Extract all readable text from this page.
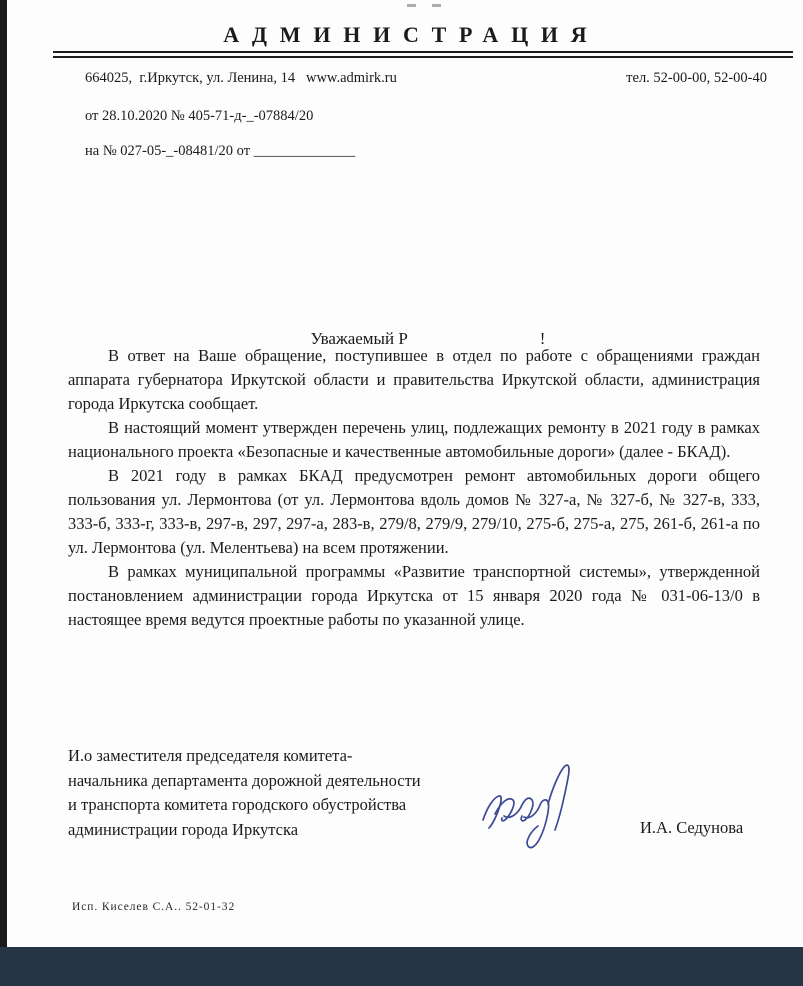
АДМИНИСТРАЦИЯ
664025,  г.Иркутск, ул. Ленина, 14   www.admirk.ru	тел. 52-00-00, 52-00-40
от 28.10.2020 № 405-71-д-_-07884/20
на № 027-05-_-08481/20 от ______________

Уважаемый Р	!

В ответ на Ваше обращение, поступившее в отдел по работе с обращениями граждан аппарата губернатора Иркутской области и правительства Иркутской области, администрация города Иркутска сообщает.

В настоящий момент утвержден перечень улиц, подлежащих ремонту в 2021 году в рамках национального проекта «Безопасные и качественные автомобильные дороги» (далее - БКАД).

В 2021 году в рамках БКАД предусмотрен ремонт автомобильных дороги общего пользования ул. Лермонтова (от ул. Лермонтова вдоль домов № 327-а, № 327-б, № 327-в, 333, 333-б, 333-г, 333-в, 297-в, 297, 297-а, 283-в, 279/8, 279/9, 279/10, 275-б, 275-а, 275, 261-б, 261-а по ул. Лермонтова (ул. Мелентьева) на всем протяжении.

В рамках муниципальной программы «Развитие транспортной системы», утвержденной постановлением администрации города Иркутска от 15 января 2020 года № 031-06-13/0 в настоящее время ведутся проектные работы по указанной улице.

И.о заместителя председателя комитета-
начальника департамента дорожной деятельности
и транспорта комитета городского обустройства
администрации города Иркутска	И.А. Седунова
Исп. Киселев С.А.. 52-01-32
